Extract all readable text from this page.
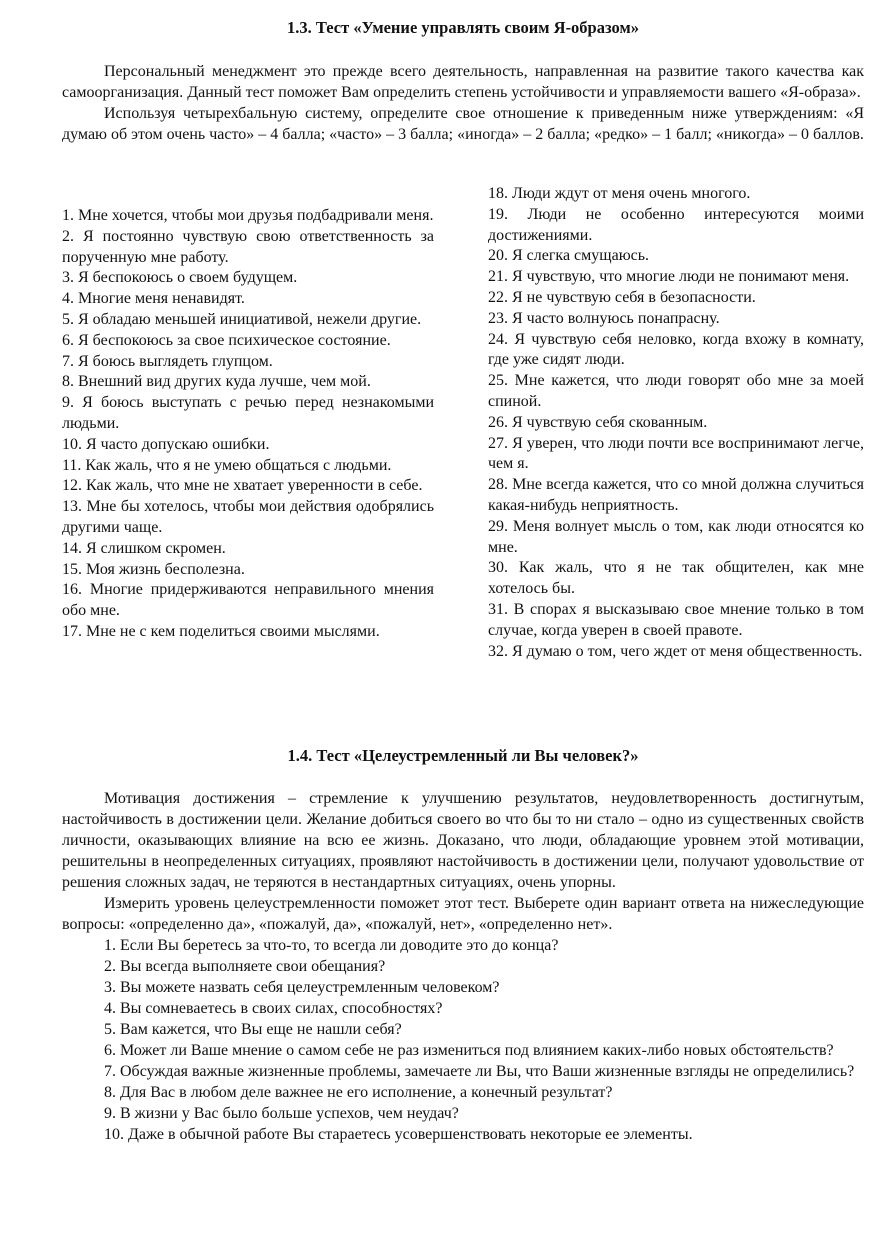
1.3. Тест «Умение управлять своим Я-образом»

Персональный менеджмент это прежде всего деятельность, направленная на развитие такого качества как самоорганизация. Данный тест поможет Вам определить степень устойчивости и управляемости вашего «Я-образа».

Используя четырехбальную систему, определите свое отношение к приведенным ниже утверждениям: «Я думаю об этом очень часто» – 4 балла; «часто» – 3 балла; «иногда» – 2 балла; «редко» – 1 балл; «никогда» – 0 баллов.

1. Мне хочется, чтобы мои друзья подбадривали меня.

2. Я постоянно чувствую свою ответственность за порученную мне работу.

3. Я беспокоюсь о своем будущем.

4. Многие меня ненавидят.

5. Я обладаю меньшей инициативой, нежели другие.

6. Я беспокоюсь за свое психическое состояние.

7. Я боюсь выглядеть глупцом.

8. Внешний вид других куда лучше, чем мой.

9. Я боюсь выступать с речью перед незнакомыми людьми.

10. Я часто допускаю ошибки.

11. Как жаль, что я не умею общаться с людьми.

12. Как жаль, что мне не хватает уверенности в себе.

13. Мне бы хотелось, чтобы мои действия одобрялись другими чаще.

14. Я слишком скромен.

15. Моя жизнь бесполезна.

16. Многие придерживаются неправильного мнения обо мне.

17. Мне не с кем поделиться своими мыслями.

18. Люди ждут от меня очень многого.

19. Люди не особенно интересуются моими достижениями.

20. Я слегка смущаюсь.

21. Я чувствую, что многие люди не понимают меня.

22. Я не чувствую себя в безопасности.

23. Я часто волнуюсь понапрасну.

24. Я чувствую себя неловко, когда вхожу в комнату, где уже сидят люди.

25. Мне кажется, что люди говорят обо мне за моей спиной.

26. Я чувствую себя скованным.

27. Я уверен, что люди почти все воспринимают легче, чем я.

28. Мне всегда кажется, что со мной должна случиться какая-нибудь неприятность.

29. Меня волнует мысль о том, как люди относятся ко мне.

30. Как жаль, что я не так общителен, как мне хотелось бы.

31. В спорах я высказываю свое мнение только в том случае, когда уверен в своей правоте.

32. Я думаю о том, чего ждет от меня общественность.

1.4. Тест «Целеустремленный ли Вы человек?»

Мотивация достижения – стремление к улучшению результатов, неудовлетворенность достигнутым, настойчивость в достижении цели. Желание добиться своего во что бы то ни стало – одно из существенных свойств личности, оказывающих влияние на всю ее жизнь. Доказано, что люди, обладающие уровнем этой мотивации, решительны в неопределенных ситуациях, проявляют настойчивость в достижении цели, получают удовольствие от решения сложных задач, не теряются в нестандартных ситуациях, очень упорны.

Измерить уровень целеустремленности поможет этот тест. Выберете один вариант ответа на нижеследующие вопросы: «определенно да», «пожалуй, да», «пожалуй, нет», «определенно нет».

1. Если Вы беретесь за что-то, то всегда ли доводите это до конца?

2. Вы всегда выполняете свои обещания?

3. Вы можете назвать себя целеустремленным человеком?

4. Вы сомневаетесь в своих силах, способностях?

5. Вам кажется, что Вы еще не нашли себя?

6. Может ли Ваше мнение о самом себе не раз измениться под влиянием каких-либо новых обстоятельств?

7. Обсуждая важные жизненные проблемы, замечаете ли Вы, что Ваши жизненные взгляды не определились?

8. Для Вас в любом деле важнее не его исполнение, а конечный результат?

9. В жизни у Вас было больше успехов, чем неудач?

10. Даже в обычной работе Вы стараетесь усовершенствовать некоторые ее элементы.
